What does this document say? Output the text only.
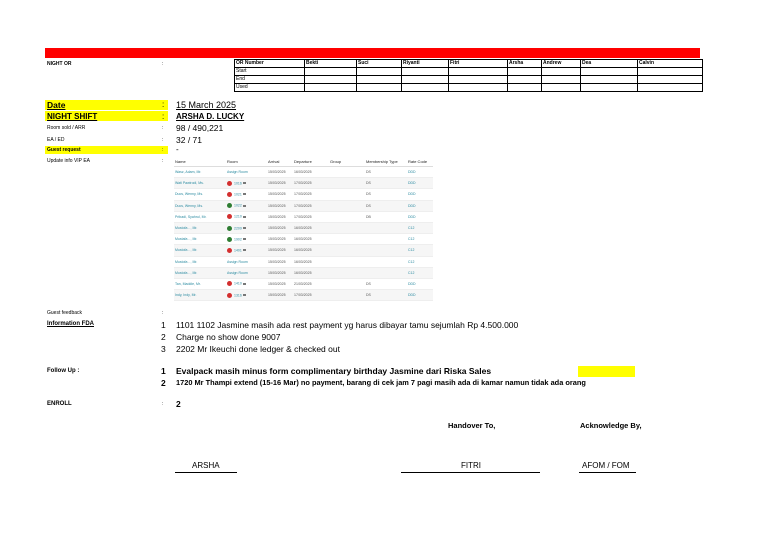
NIGHT OR	:	OR Number	Bekti	Suci	Riyanti	Fitri	Arsha	Andrew	Dea	Calvin
Start								
End								
Used								
Date	: 15 March 2025
NIGHT SHIFT	: ARSHA D. LUCKY
Room sold / ARR	: 98 / 490,221
EA / ED	: 32 / 71
Guest request	: -
Update info VIP EA	:	Name	Room	Arrival	Departure	Group	Membership Type	Rate Code
Wasz, Adam, Mr.	Assign Room	15/03/2025	16/03/2025		DS	DDD
Wati Pawirodi, Ms.	1016	15/03/2025	17/03/2025		DS	DDD
Ducs, Wenny, Ms.	1021	15/03/2025	17/03/2025		DS	DDD
Ducs, Wenny, Ms.	1022	15/03/2025	17/03/2025		DS	DDD
Pribadi, Syahrul, Mr.	1210	15/03/2025	17/03/2025		DB	DDD
Mustofa - , Mr.	2209	15/03/2025	16/03/2025			C12
Mustafa - , Mr.	1902	15/03/2025	16/03/2025			C12
Mustofa - , Mr.	1401	15/03/2025	16/03/2025			C12
Mustofa - , Mr.	Assign Room	15/03/2025	16/03/2025			C12
Mustofa - , Mr.	Assign Room	15/03/2025	16/03/2025			C12
Tan, Maddie, Mr.	1410	15/03/2025	21/03/2025		DS	DDD
Indy, Indy, Mr.	1316	15/03/2025	17/03/2025		DS	DDD
Guest feedback	:
Information FDA	1 1101 1102 Jasmine masih ada rest payment yg harus dibayar tamu sejumlah Rp 4.500.000
2 Charge no show done 9007
3 2202 Mr Ikeuchi done ledger & checked out
Follow Up :	1 Evalpack masih minus form complimentary birthday Jasmine dari Riska Sales
2 1720 Mr Thampi extend (15-16 Mar) no payment, barang di cek jam 7 pagi masih ada di kamar namun tidak ada orang
ENROLL	: 2
Handover To,	Acknowledge By,
ARSHA	FITRI	AFOM / FOM
